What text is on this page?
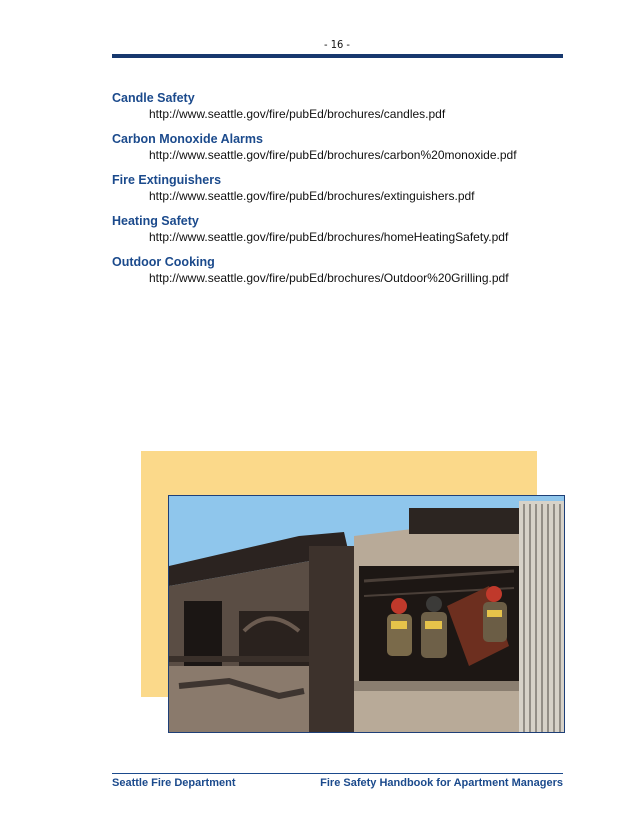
- 16 -
Candle Safety
http://www.seattle.gov/fire/pubEd/brochures/candles.pdf
Carbon Monoxide Alarms
http://www.seattle.gov/fire/pubEd/brochures/carbon%20monoxide.pdf
Fire Extinguishers
http://www.seattle.gov/fire/pubEd/brochures/extinguishers.pdf
Heating Safety
http://www.seattle.gov/fire/pubEd/brochures/homeHeatingSafety.pdf
Outdoor Cooking
http://www.seattle.gov/fire/pubEd/brochures/Outdoor%20Grilling.pdf
Seattle Fire Department	Fire Safety Handbook for Apartment Managers
